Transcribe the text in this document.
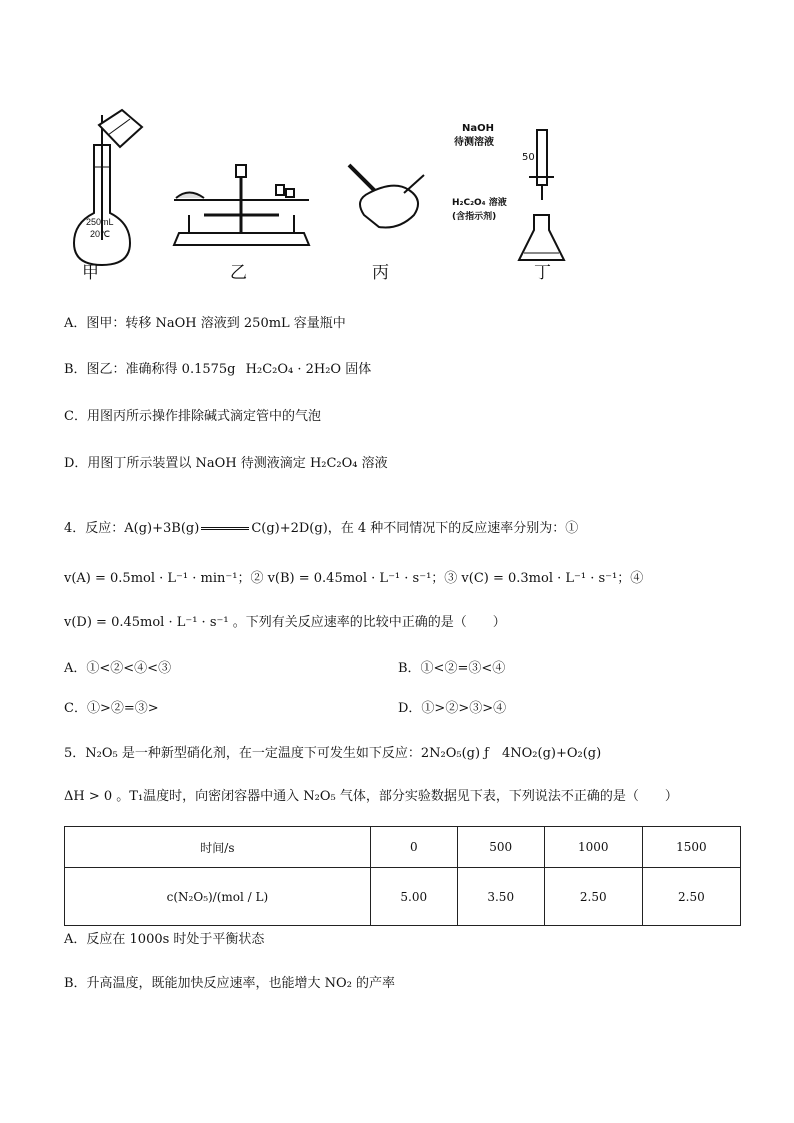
250mL
20℃
NaOH
待测溶液
50
H₂C₂O₄ 溶液
(含指示剂)
甲	乙	丙	丁
A．图甲：转移 NaOH 溶液到 250mL 容量瓶中
B．图乙：准确称得 0.1575g H₂C₂O₄ · 2H₂O 固体
C．用图丙所示操作排除碱式滴定管中的气泡
D．用图丁所示装置以 NaOH 待测液滴定 H₂C₂O₄ 溶液
4．反应：A(g)+3B(g)	C(g)+2D(g)，在 4 种不同情况下的反应速率分别为：①
v(A) = 0.5mol · L⁻¹ · min⁻¹；② v(B) = 0.45mol · L⁻¹ · s⁻¹；③ v(C) = 0.3mol · L⁻¹ · s⁻¹；④
v(D) = 0.45mol · L⁻¹ · s⁻¹ 。下列有关反应速率的比较中正确的是（　　）
A．①<②<④<③	B．①<②=③<④
C．①>②=③>	D．①>②>③>④
5．N₂O₅ 是一种新型硝化剂，在一定温度下可发生如下反应：2N₂O₅(g) ƒ　4NO₂(g)+O₂(g)
ΔH > 0 。T₁温度时，向密闭容器中通入 N₂O₅ 气体，部分实验数据见下表，下列说法不正确的是（　　）
时间/s	0	500	1000	1500
c(N₂O₅)/(mol / L)	5.00	3.50	2.50	2.50
A．反应在 1000s 时处于平衡状态
B．升高温度，既能加快反应速率，也能增大 NO₂ 的产率
